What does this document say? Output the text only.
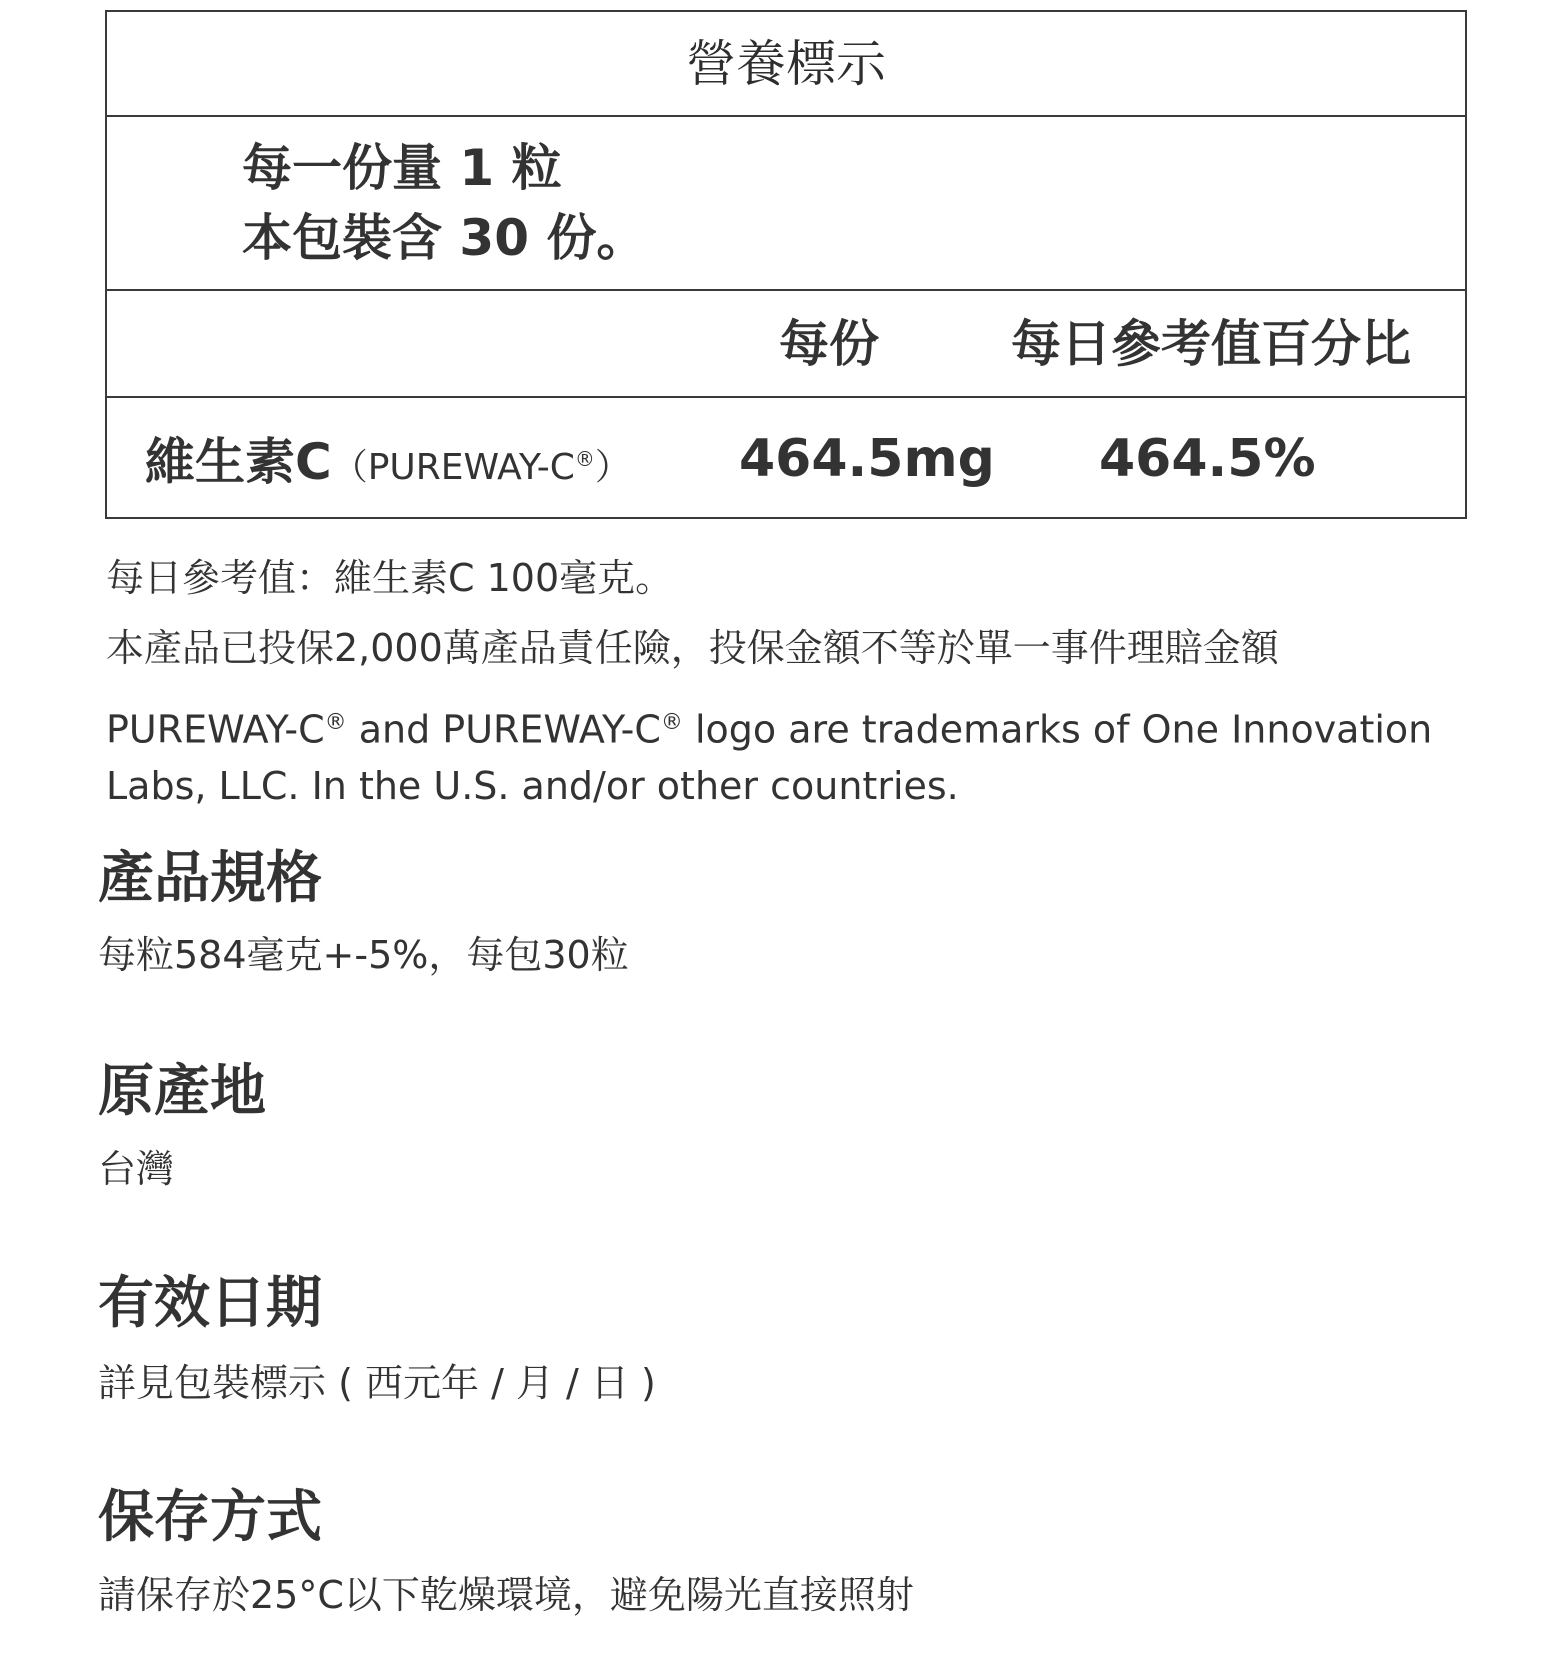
營養標示
每一份量 1 粒
本包裝含 30 份。
每份	每日參考值百分比
維生素C（PUREWAY-C®） 464.5mg 464.5%
每日參考值：維生素C 100毫克。
本產品已投保2,000萬產品責任險，投保金額不等於單一事件理賠金額
PUREWAY-C® and PUREWAY-C® logo are trademarks of One Innovation Labs, LLC. In the U.S. and/or other countries.
產品規格
每粒584毫克+-5%，每包30粒
原產地
台灣
有效日期
詳見包裝標示 ( 西元年 / 月 / 日 )
保存方式
請保存於25°C以下乾燥環境，避免陽光直接照射
